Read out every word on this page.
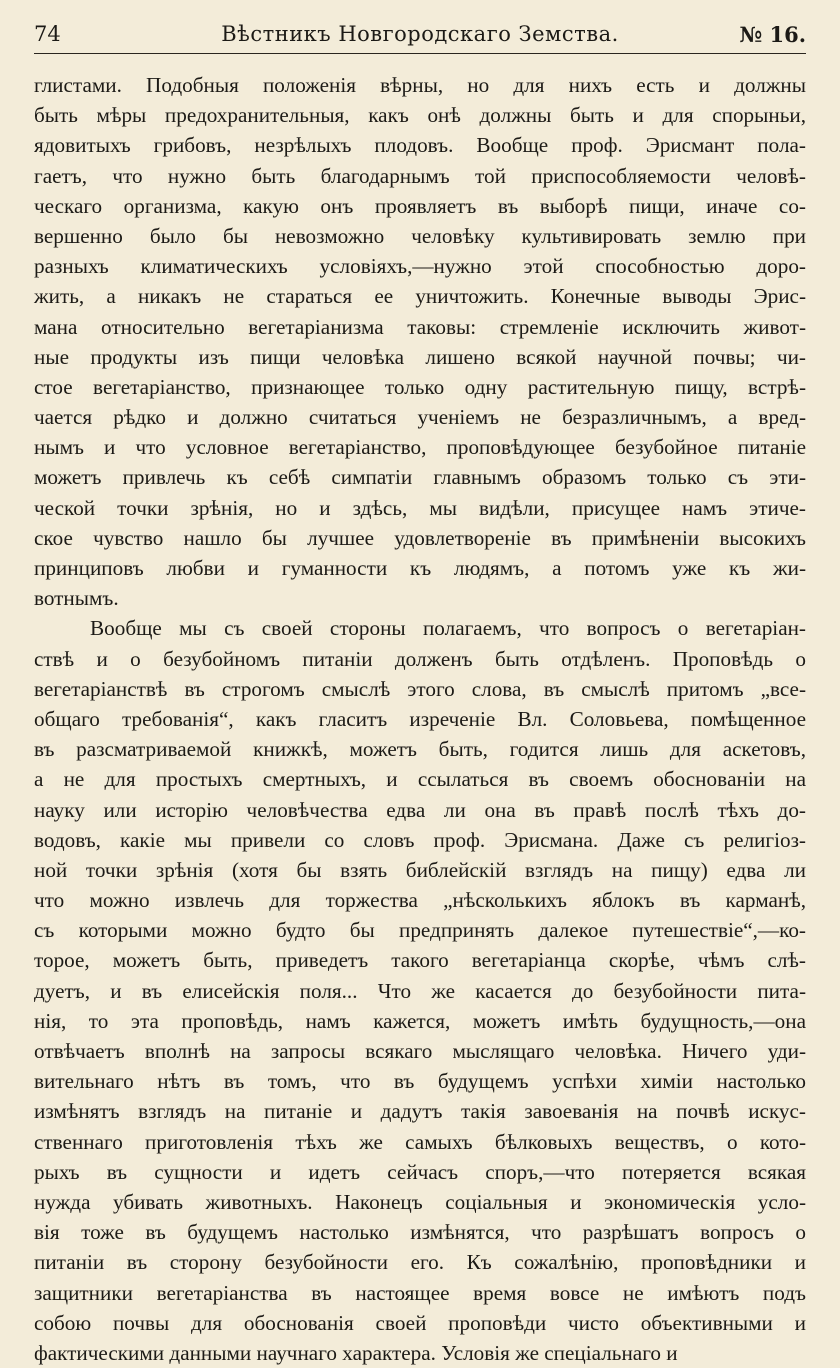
74	Вѣстникъ Новгородскаго Земства.	№ 16.
глистами. Подобныя положенія вѣрны, но для нихъ есть и должны
быть мѣры предохранительныя, какъ онѣ должны быть и для спорыньи,
ядовитыхъ грибовъ, незрѣлыхъ плодовъ. Вообще проф. Эрисмант пола-
гаетъ, что нужно быть благодарнымъ той приспособляемости человѣ-
ческаго организма, какую онъ проявляетъ въ выборѣ пищи, иначе со-
вершенно было бы невозможно человѣку культивировать землю при
разныхъ климатическихъ условіяхъ,—нужно этой способностью доро-
жить, а никакъ не стараться ее уничтожить. Конечные выводы Эрис-
мана относительно вегетаріанизма таковы: стремленіе исключить живот-
ные продукты изъ пищи человѣка лишено всякой научной почвы; чи-
стое вегетаріанство, признающее только одну растительную пищу, встрѣ-
чается рѣдко и должно считаться ученіемъ не безразличнымъ, а вред-
нымъ и что условное вегетаріанство, проповѣдующее безубойное питаніе
можетъ привлечь къ себѣ симпатіи главнымъ образомъ только съ эти-
ческой точки зрѣнія, но и здѣсь, мы видѣли, присущее намъ этиче-
ское чувство нашло бы лучшее удовлетвореніе въ примѣненіи высокихъ
принциповъ любви и гуманности къ людямъ, а потомъ уже къ жи-
вотнымъ.
Вообще мы съ своей стороны полагаемъ, что вопросъ о вегетаріан-
ствѣ и о безубойномъ питаніи долженъ быть отдѣленъ. Проповѣдь о
вегетаріанствѣ въ строгомъ смыслѣ этого слова, въ смыслѣ притомъ „все-
общаго требованія“, какъ гласитъ изреченіе Вл. Соловьева, помѣщенное
въ разсматриваемой книжкѣ, можетъ быть, годится лишь для аскетовъ,
а не для простыхъ смертныхъ, и ссылаться въ своемъ обосновaніи на
науку или исторію человѣчества едва ли она въ правѣ послѣ тѣхъ до-
водовъ, какіе мы привели со словъ проф. Эрисмана. Даже съ религіоз-
ной точки зрѣнія (хотя бы взять библейскій взглядъ на пищу) едва ли
что можно извлечь для торжества „нѣсколькихъ яблокъ въ карманѣ,
съ которыми можно будто бы предпринять далекое путешествіе“,—ко-
торое, можетъ быть, приведетъ такого вегетаріанца скорѣе, чѣмъ слѣ-
дуетъ, и въ елисейскія поля... Что же касается до безубойности пита-
нія, то эта проповѣдь, намъ кажется, можетъ имѣть будущность,—она
отвѣчаетъ вполнѣ на запросы всякаго мыслящаго человѣка. Ничего уди-
вительнаго нѣтъ въ томъ, что въ будущемъ успѣхи химіи настолько
измѣнятъ взглядъ на питаніе и дадутъ такія завоеванія на почвѣ искус-
ственнаго приготовленія тѣхъ же самыхъ бѣлковыхъ веществъ, о кото-
рыхъ въ сущности и идетъ сейчасъ споръ,—что потеряется всякая
нужда убивать животныхъ. Наконецъ соціальныя и экономическія усло-
вія тоже въ будущемъ настолько измѣнятся, что разрѣшатъ вопросъ о
питаніи въ сторону безубойности его. Къ сожалѣнію, проповѣдники и
защитники вегетаріанства въ настоящее время вовсе не имѣютъ подъ
собою почвы для обоснованія своей проповѣди чисто объективными и
фактическими данными научнаго характера. Условія же спеціальнаго и
